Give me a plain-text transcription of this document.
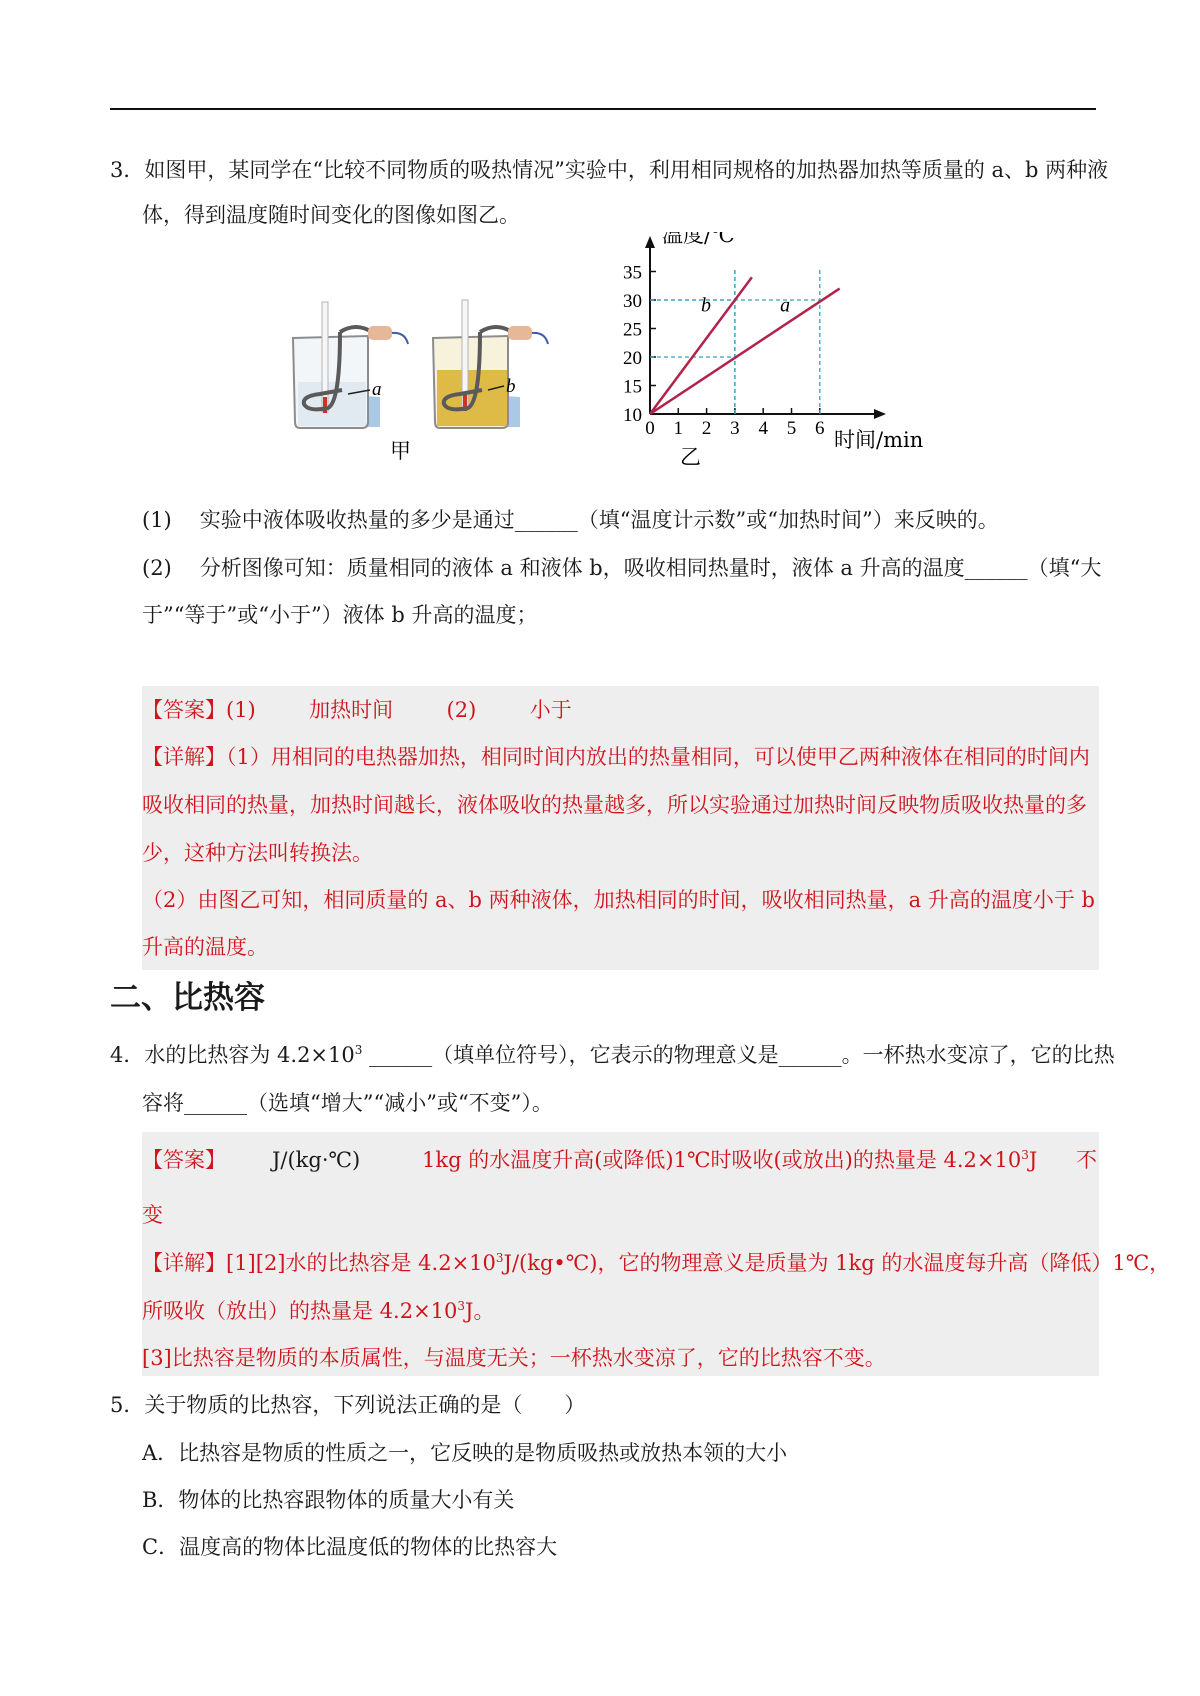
3．如图甲，某同学在“比较不同物质的吸热情况”实验中，利用相同规格的加热器加热等质量的 a、b 两种液
体，得到温度随时间变化的图像如图乙。
a	b
甲
0 1 2 3 4 5 6
10
15
20
25
30
35
a
b
温度/℃
时间/min
乙
(1) 实验中液体吸收热量的多少是通过______（填“温度计示数”或“加热时间”）来反映的。
(2) 分析图像可知：质量相同的液体 a 和液体 b，吸收相同热量时，液体 a 升高的温度______（填“大
于”“等于”或“小于”）液体 b 升高的温度；
【答案】(1)        加热时间        (2)        小于
【详解】（1）用相同的电热器加热，相同时间内放出的热量相同，可以使甲乙两种液体在相同的时间内
吸收相同的热量，加热时间越长，液体吸收的热量越多，所以实验通过加热时间反映物质吸收热量的多
少，这种方法叫转换法。
（2）由图乙可知，相同质量的 a、b 两种液体，加热相同的时间，吸收相同热量，a 升高的温度小于 b
升高的温度。
二、比热容
4．水的比热容为 $4.2\times 10^3$ ______（填单位符号），它表示的物理意义是______。一杯热水变凉了，它的比热
容将______（选填“增大”“减小”或“不变”）。
【答案】 J/(kg·℃)	1kg 的水温度升高(或降低)1℃时吸收(或放出)的热量是 $4.2\times 10^3J$ 不
变
【详解】[1][2]水的比热容是 $4.2\times 10^3J/(kg•℃)$，它的物理意义是质量为 1kg 的水温度每升高（降低）1℃，
所吸收（放出）的热量是 $4.2\times 10^3J$。
[3]比热容是物质的本质属性，与温度无关；一杯热水变凉了，它的比热容不变。
5．关于物质的比热容，下列说法正确的是（　　）
A．比热容是物质的性质之一，它反映的是物质吸热或放热本领的大小
B．物体的比热容跟物体的质量大小有关
C．温度高的物体比温度低的物体的比热容大
